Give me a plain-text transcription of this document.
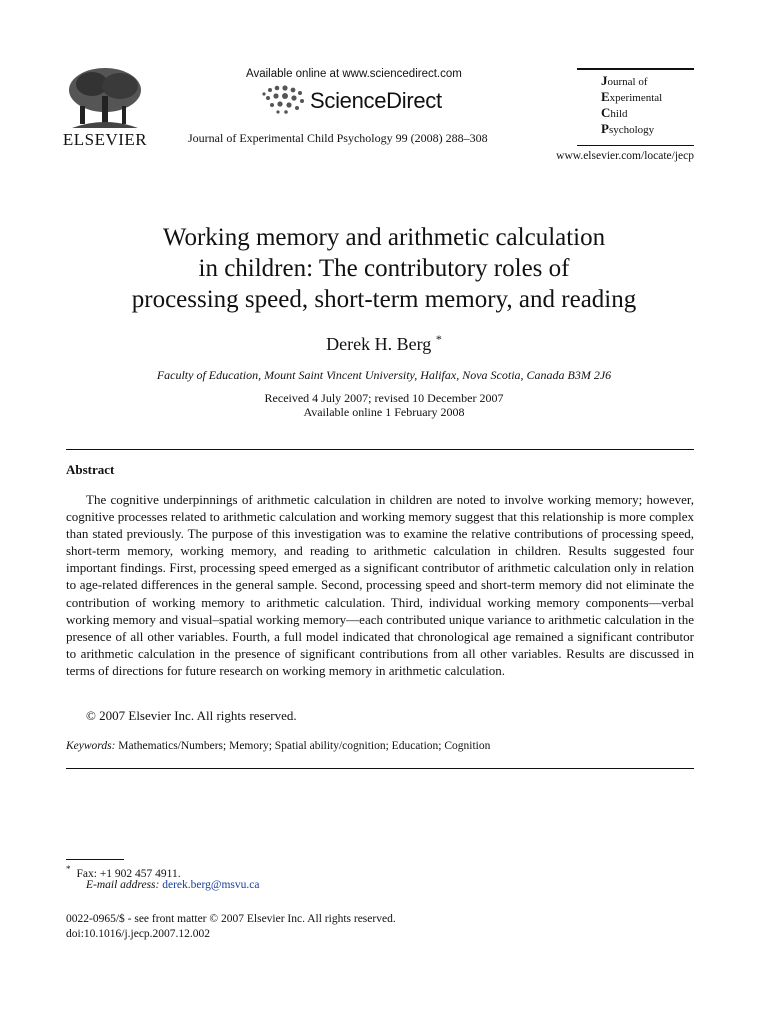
ELSEVIER
Available online at www.sciencedirect.com
ScienceDirect
Journal of Experimental Child Psychology 99 (2008) 288–308
Journal of
Experimental
Child
Psychology
www.elsevier.com/locate/jecp
Working memory and arithmetic calculation
in children: The contributory roles of
processing speed, short-term memory, and reading
Derek H. Berg *
Faculty of Education, Mount Saint Vincent University, Halifax, Nova Scotia, Canada B3M 2J6
Received 4 July 2007; revised 10 December 2007
Available online 1 February 2008
Abstract
The cognitive underpinnings of arithmetic calculation in children are noted to involve working memory; however, cognitive processes related to arithmetic calculation and working memory suggest that this relationship is more complex than stated previously. The purpose of this investigation was to examine the relative contributions of processing speed, short-term memory, working memory, and reading to arithmetic calculation in children. Results suggested four important findings. First, processing speed emerged as a significant contributor of arithmetic calculation only in relation to age-related differences in the general sample. Second, processing speed and short-term memory did not eliminate the contribution of working memory to arithmetic calculation. Third, individual working memory components—verbal working memory and visual–spatial working memory—each contributed unique variance to arithmetic calculation in the presence of all other variables. Fourth, a full model indicated that chronological age remained a significant contributor to arithmetic calculation in the presence of significant contributions from all other variables. Results are discussed in terms of directions for future research on working memory in arithmetic calculation.
© 2007 Elsevier Inc. All rights reserved.
Keywords: Mathematics/Numbers; Memory; Spatial ability/cognition; Education; Cognition
* Fax: +1 902 457 4911.
E-mail address: derek.berg@msvu.ca
0022-0965/$ - see front matter © 2007 Elsevier Inc. All rights reserved.
doi:10.1016/j.jecp.2007.12.002
